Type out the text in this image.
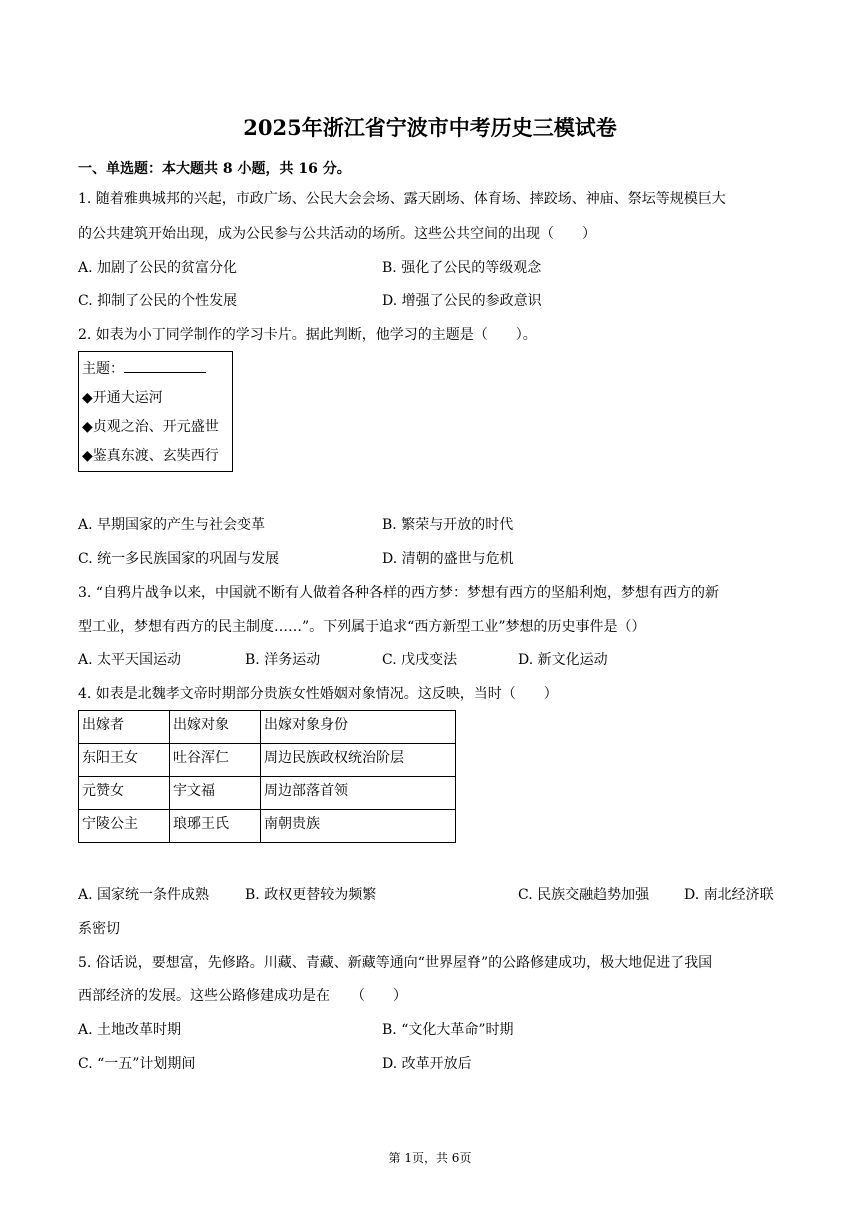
2025年浙江省宁波市中考历史三模试卷
一、单选题：本大题共 8 小题，共 16 分。
1. 随着雅典城邦的兴起，市政广场、公民大会会场、露天剧场、体育场、摔跤场、神庙、祭坛等规模巨大
的公共建筑开始出现，成为公民参与公共活动的场所。这些公共空间的出现（　　）
A. 加剧了公民的贫富分化	B. 强化了公民的等级观念
C. 抑制了公民的个性发展	D. 增强了公民的参政意识
2. 如表为小丁同学制作的学习卡片。据此判断，他学习的主题是（　　）。
主题：
◆开通大运河
◆贞观之治、开元盛世
◆鉴真东渡、玄奘西行
A. 早期国家的产生与社会变革	B. 繁荣与开放的时代
C. 统一多民族国家的巩固与发展	D. 清朝的盛世与危机
3. “自鸦片战争以来，中国就不断有人做着各种各样的西方梦：梦想有西方的坚船利炮，梦想有西方的新
型工业，梦想有西方的民主制度……”。下列属于追求“西方新型工业”梦想的历史事件是（）
A. 太平天国运动	B. 洋务运动	C. 戊戌变法	D. 新文化运动
4. 如表是北魏孝文帝时期部分贵族女性婚姻对象情况。这反映，当时（　　）
出嫁者	出嫁对象	出嫁对象身份
东阳王女	吐谷浑仁	周边民族政权统治阶层
元赞女	宇文福	周边部落首领
宁陵公主	琅琊王氏	南朝贵族
A. 国家统一条件成熟	B. 政权更替较为频繁	C. 民族交融趋势加强 D. 南北经济联
系密切
5. 俗话说，要想富，先修路。川藏、青藏、新藏等通向“世界屋脊”的公路修建成功，极大地促进了我国
西部经济的发展。这些公路修建成功是在　　（　　）
A. 土地改革时期	B. “文化大革命”时期
C. “一五”计划期间	D. 改革开放后
第 1页，共 6页
